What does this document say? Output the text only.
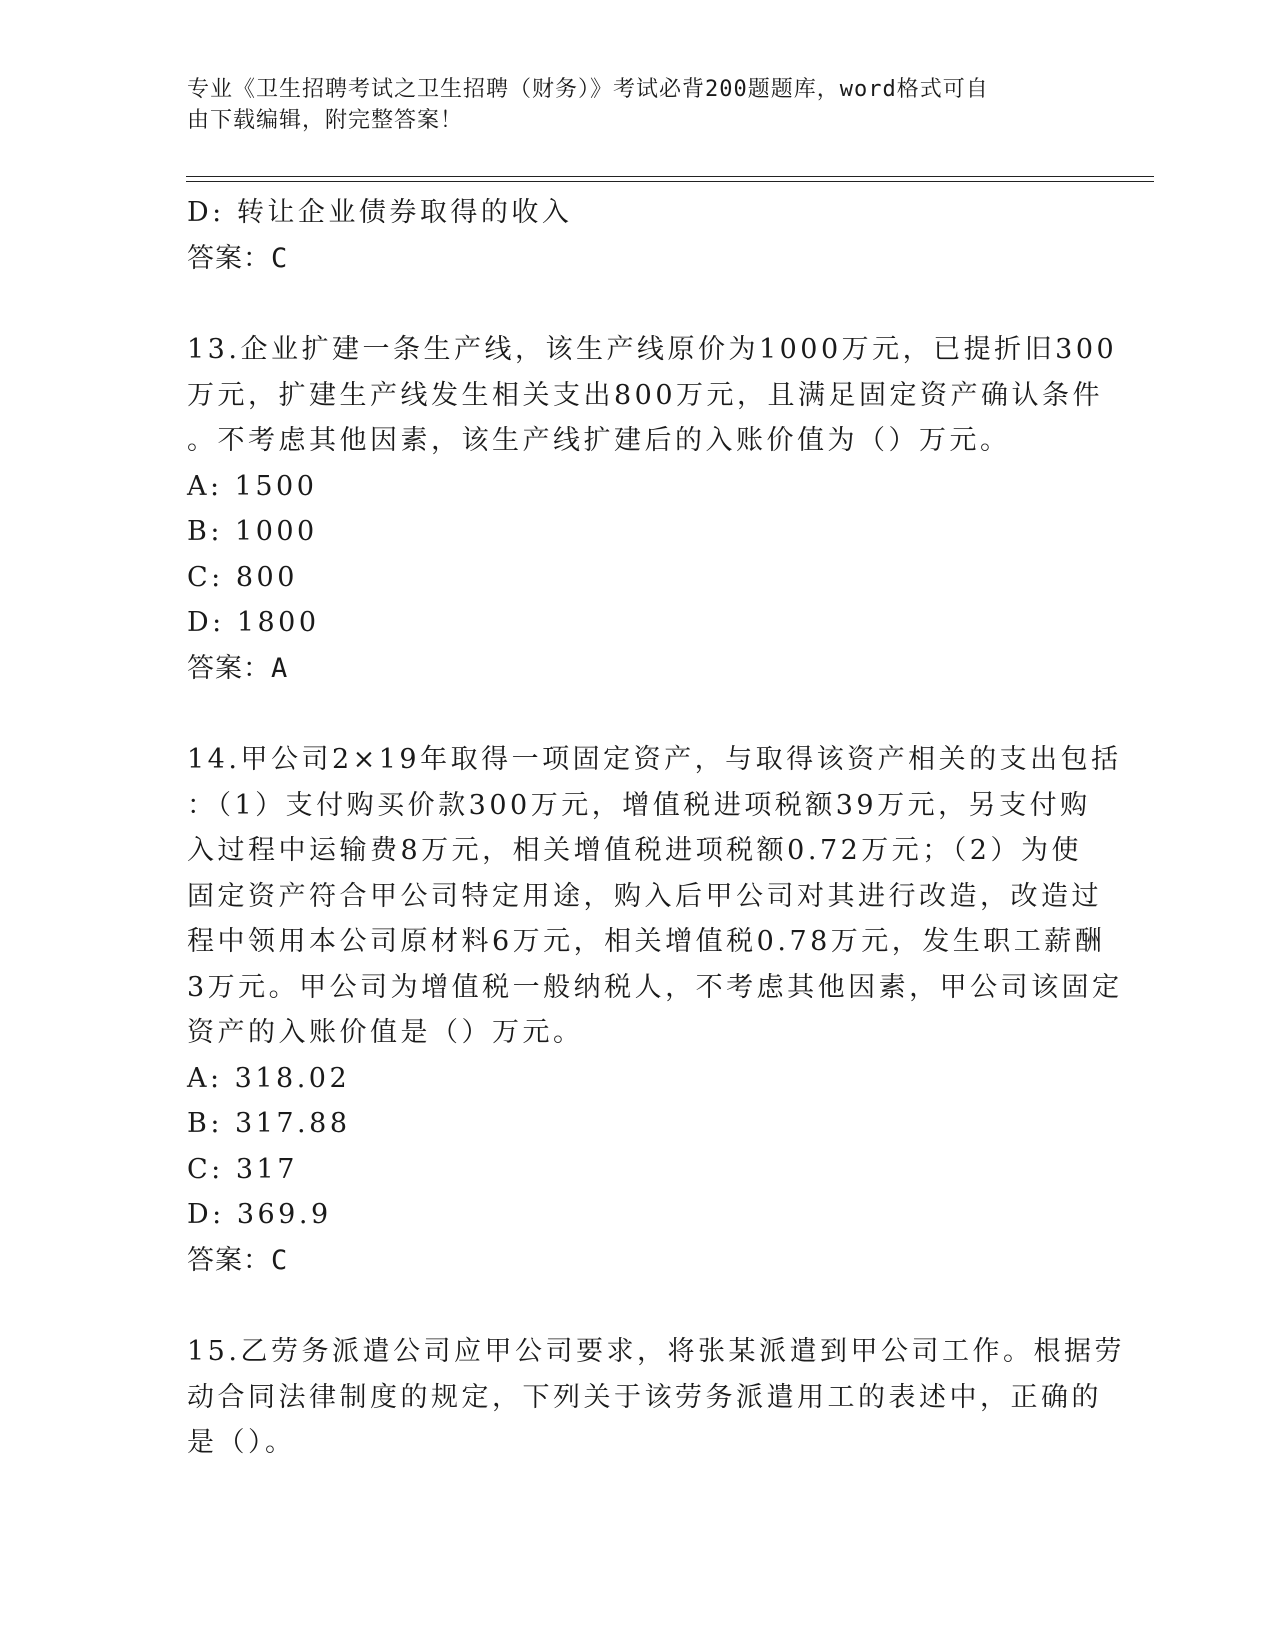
专业《卫生招聘考试之卫生招聘（财务）》考试必背200题题库，word格式可自
由下载编辑，附完整答案！
D: 转让企业债券取得的收入
答案：C
13.企业扩建一条生产线，该生产线原价为1000万元，已提折旧300
万元，扩建生产线发生相关支出800万元，且满足固定资产确认条件
。不考虑其他因素，该生产线扩建后的入账价值为（）万元。
A: 1500
B: 1000
C: 800
D: 1800
答案：A
14.甲公司2×19年取得一项固定资产，与取得该资产相关的支出包括
：（1）支付购买价款300万元，增值税进项税额39万元，另支付购
入过程中运输费8万元，相关增值税进项税额0.72万元；（2）为使
固定资产符合甲公司特定用途，购入后甲公司对其进行改造，改造过
程中领用本公司原材料6万元，相关增值税0.78万元，发生职工薪酬
3万元。甲公司为增值税一般纳税人，不考虑其他因素，甲公司该固定
资产的入账价值是（）万元。
A: 318.02
B: 317.88
C: 317
D: 369.9
答案：C
15.乙劳务派遣公司应甲公司要求，将张某派遣到甲公司工作。根据劳
动合同法律制度的规定，下列关于该劳务派遣用工的表述中，正确的
是（）。
